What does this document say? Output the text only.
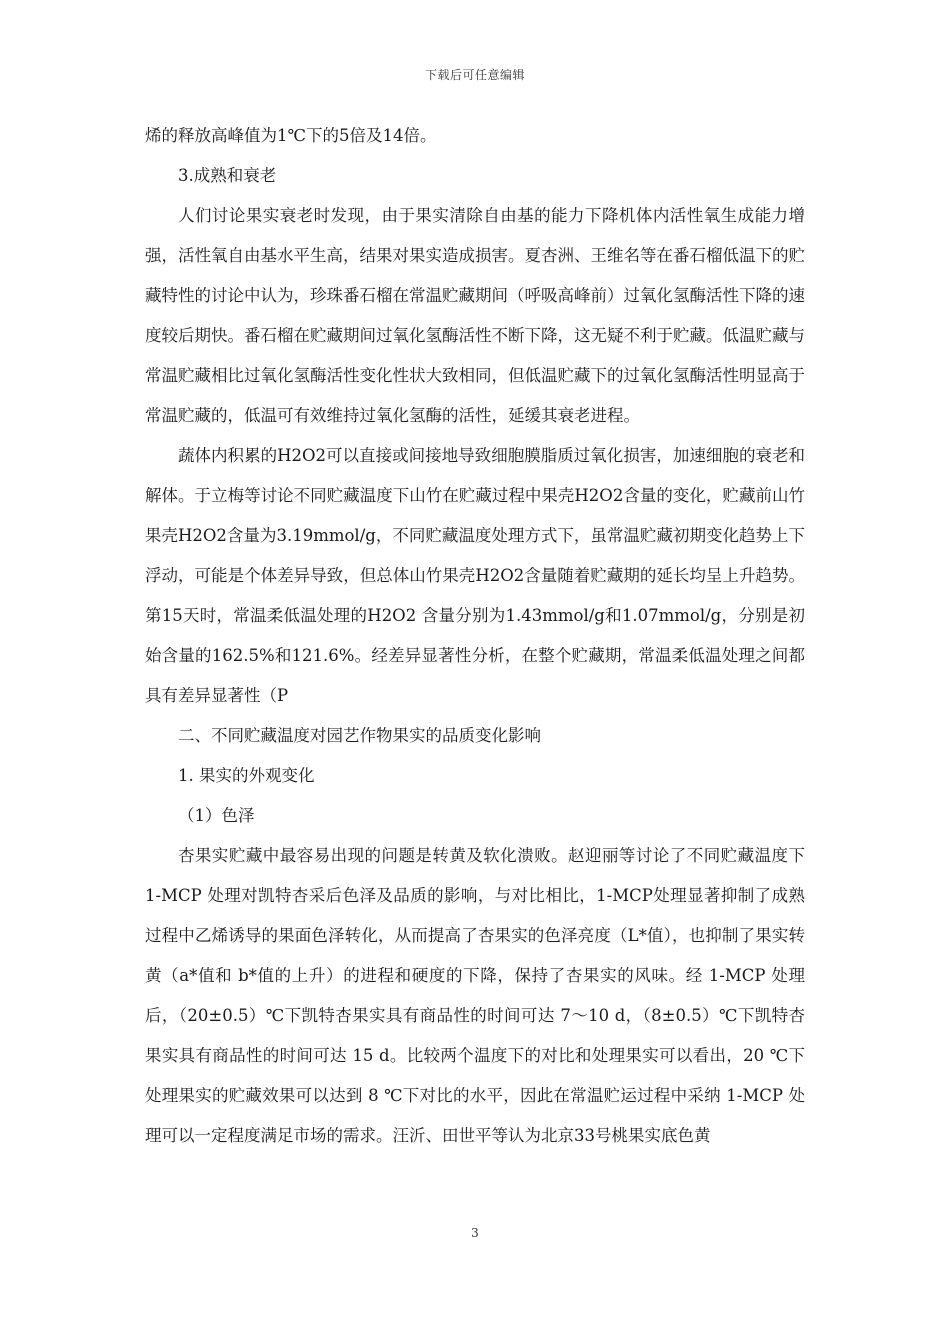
下载后可任意编辑

烯的释放高峰值为1℃下的5倍及14倍。

3.成熟和衰老

人们讨论果实衰老时发现，由于果实清除自由基的能力下降机体内活性氧生成能力增强，活性氧自由基水平生高，结果对果实造成损害。夏杏洲、王维名等在番石榴低温下的贮藏特性的讨论中认为，珍珠番石榴在常温贮藏期间（呼吸高峰前）过氧化氢酶活性下降的速度较后期快。番石榴在贮藏期间过氧化氢酶活性不断下降，这无疑不利于贮藏。低温贮藏与常温贮藏相比过氧化氢酶活性变化性状大致相同，但低温贮藏下的过氧化氢酶活性明显高于常温贮藏的，低温可有效维持过氧化氢酶的活性，延缓其衰老进程。

蔬体内积累的H2O2可以直接或间接地导致细胞膜脂质过氧化损害，加速细胞的衰老和解体。于立梅等讨论不同贮藏温度下山竹在贮藏过程中果壳H2O2含量的变化，贮藏前山竹果壳H2O2含量为3.19mmol/g，不同贮藏温度处理方式下，虽常温贮藏初期变化趋势上下浮动，可能是个体差异导致，但总体山竹果壳H2O2含量随着贮藏期的延长均呈上升趋势。第15天时，常温柔低温处理的H2O2 含量分别为1.43mmol/g和1.07mmol/g，分别是初始含量的162.5%和121.6%。经差异显著性分析，在整个贮藏期，常温柔低温处理之间都具有差异显著性（P

二、不同贮藏温度对园艺作物果实的品质变化影响

1. 果实的外观变化

（1）色泽

杏果实贮藏中最容易出现的问题是转黄及软化溃败。赵迎丽等讨论了不同贮藏温度下 1-MCP 处理对凯特杏采后色泽及品质的影响，与对比相比，1-MCP处理显著抑制了成熟过程中乙烯诱导的果面色泽转化，从而提高了杏果实的色泽亮度（L*值），也抑制了果实转黄（a*值和 b*值的上升）的进程和硬度的下降，保持了杏果实的风味。经 1-MCP 处理后，（20±0.5）℃下凯特杏果实具有商品性的时间可达 7～10 d，（8±0.5）℃下凯特杏果实具有商品性的时间可达 15 d。比较两个温度下的对比和处理果实可以看出，20 ℃下处理果实的贮藏效果可以达到 8 ℃下对比的水平，因此在常温贮运过程中采纳 1-MCP 处理可以一定程度满足市场的需求。汪沂、田世平等认为北京33号桃果实底色黄

3
